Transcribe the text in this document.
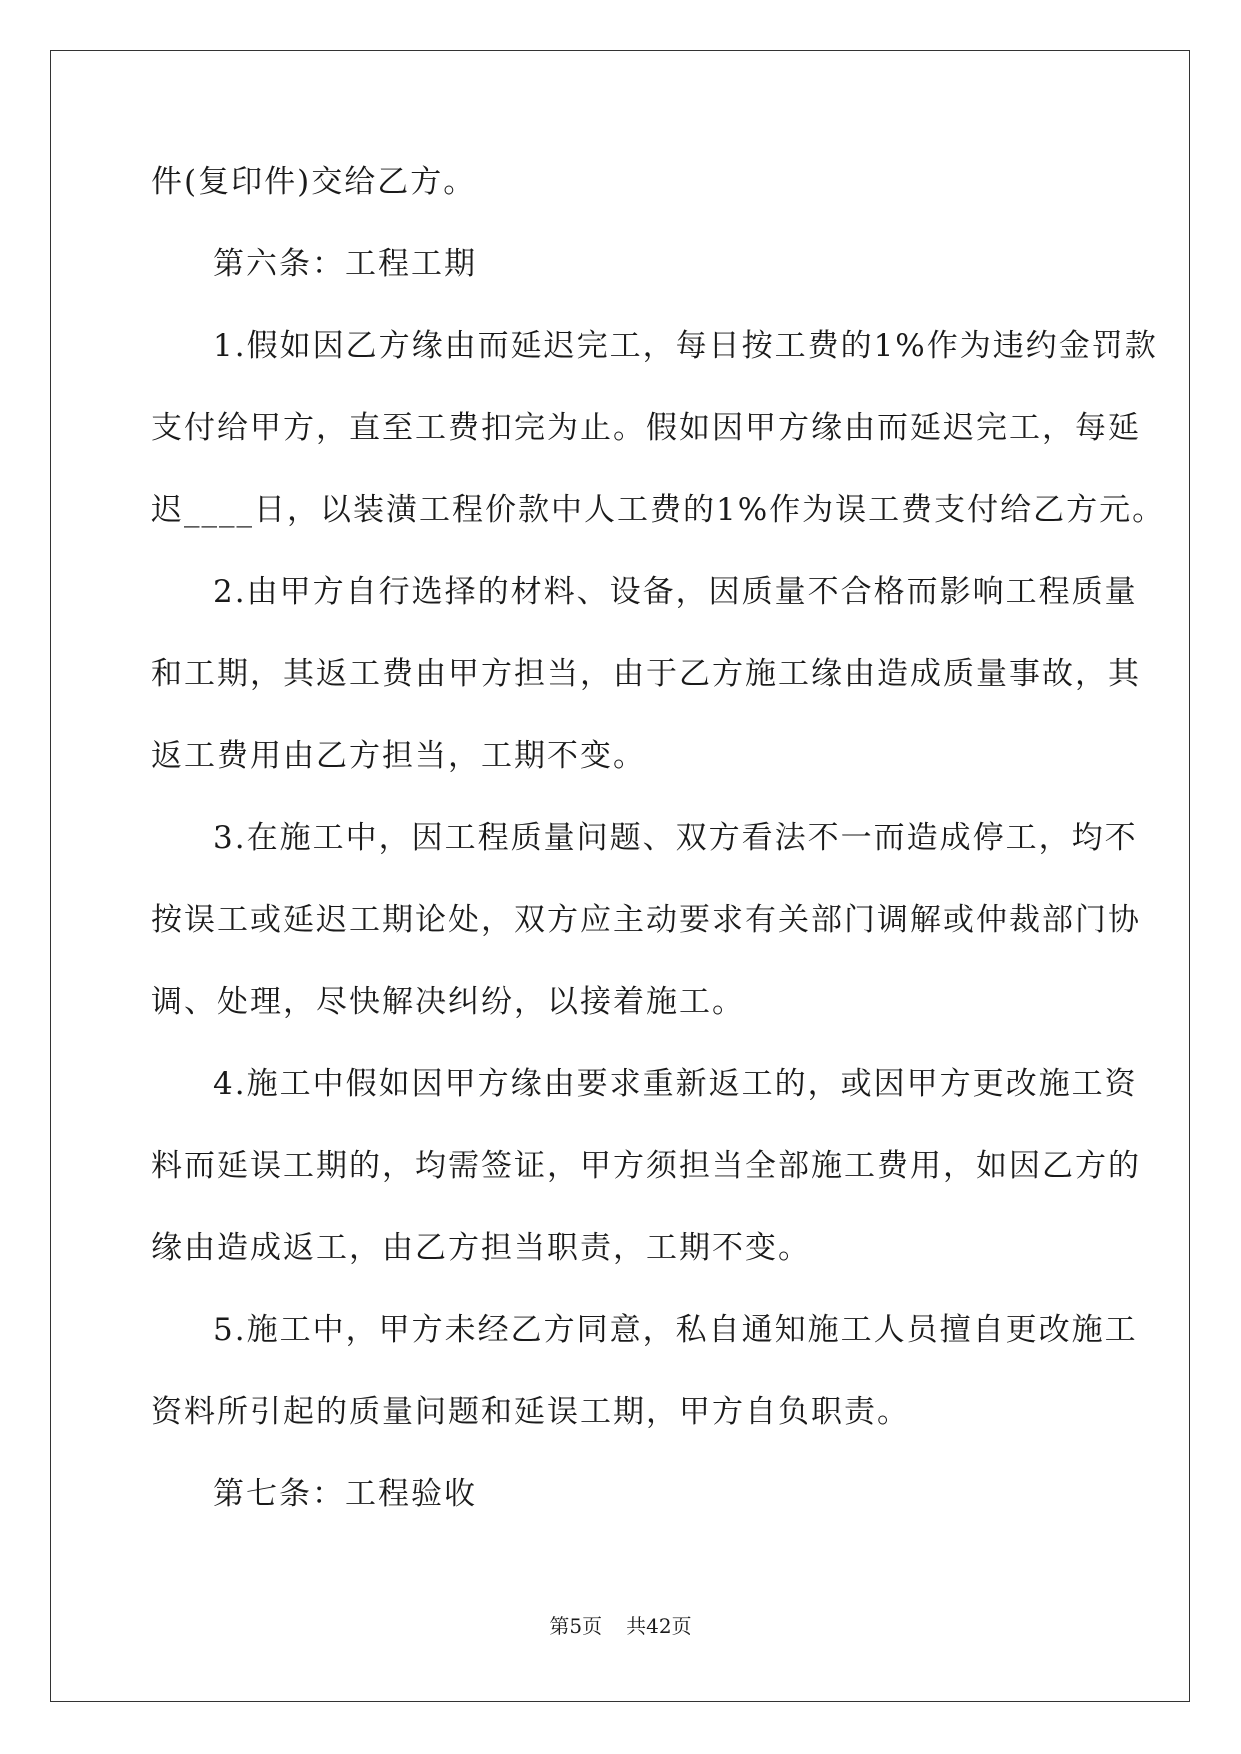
件(复印件)交给乙方。
第六条：工程工期
1.假如因乙方缘由而延迟完工，每日按工费的1%作为违约金罚款
支付给甲方，直至工费扣完为止。假如因甲方缘由而延迟完工，每延
迟____日，以装潢工程价款中人工费的1%作为误工费支付给乙方元。
2.由甲方自行选择的材料、设备，因质量不合格而影响工程质量
和工期，其返工费由甲方担当，由于乙方施工缘由造成质量事故，其
返工费用由乙方担当，工期不变。
3.在施工中，因工程质量问题、双方看法不一而造成停工，均不
按误工或延迟工期论处，双方应主动要求有关部门调解或仲裁部门协
调、处理，尽快解决纠纷，以接着施工。
4.施工中假如因甲方缘由要求重新返工的，或因甲方更改施工资
料而延误工期的，均需签证，甲方须担当全部施工费用，如因乙方的
缘由造成返工，由乙方担当职责，工期不变。
5.施工中，甲方未经乙方同意，私自通知施工人员擅自更改施工
资料所引起的质量问题和延误工期，甲方自负职责。
第七条：工程验收
第5页 共42页
